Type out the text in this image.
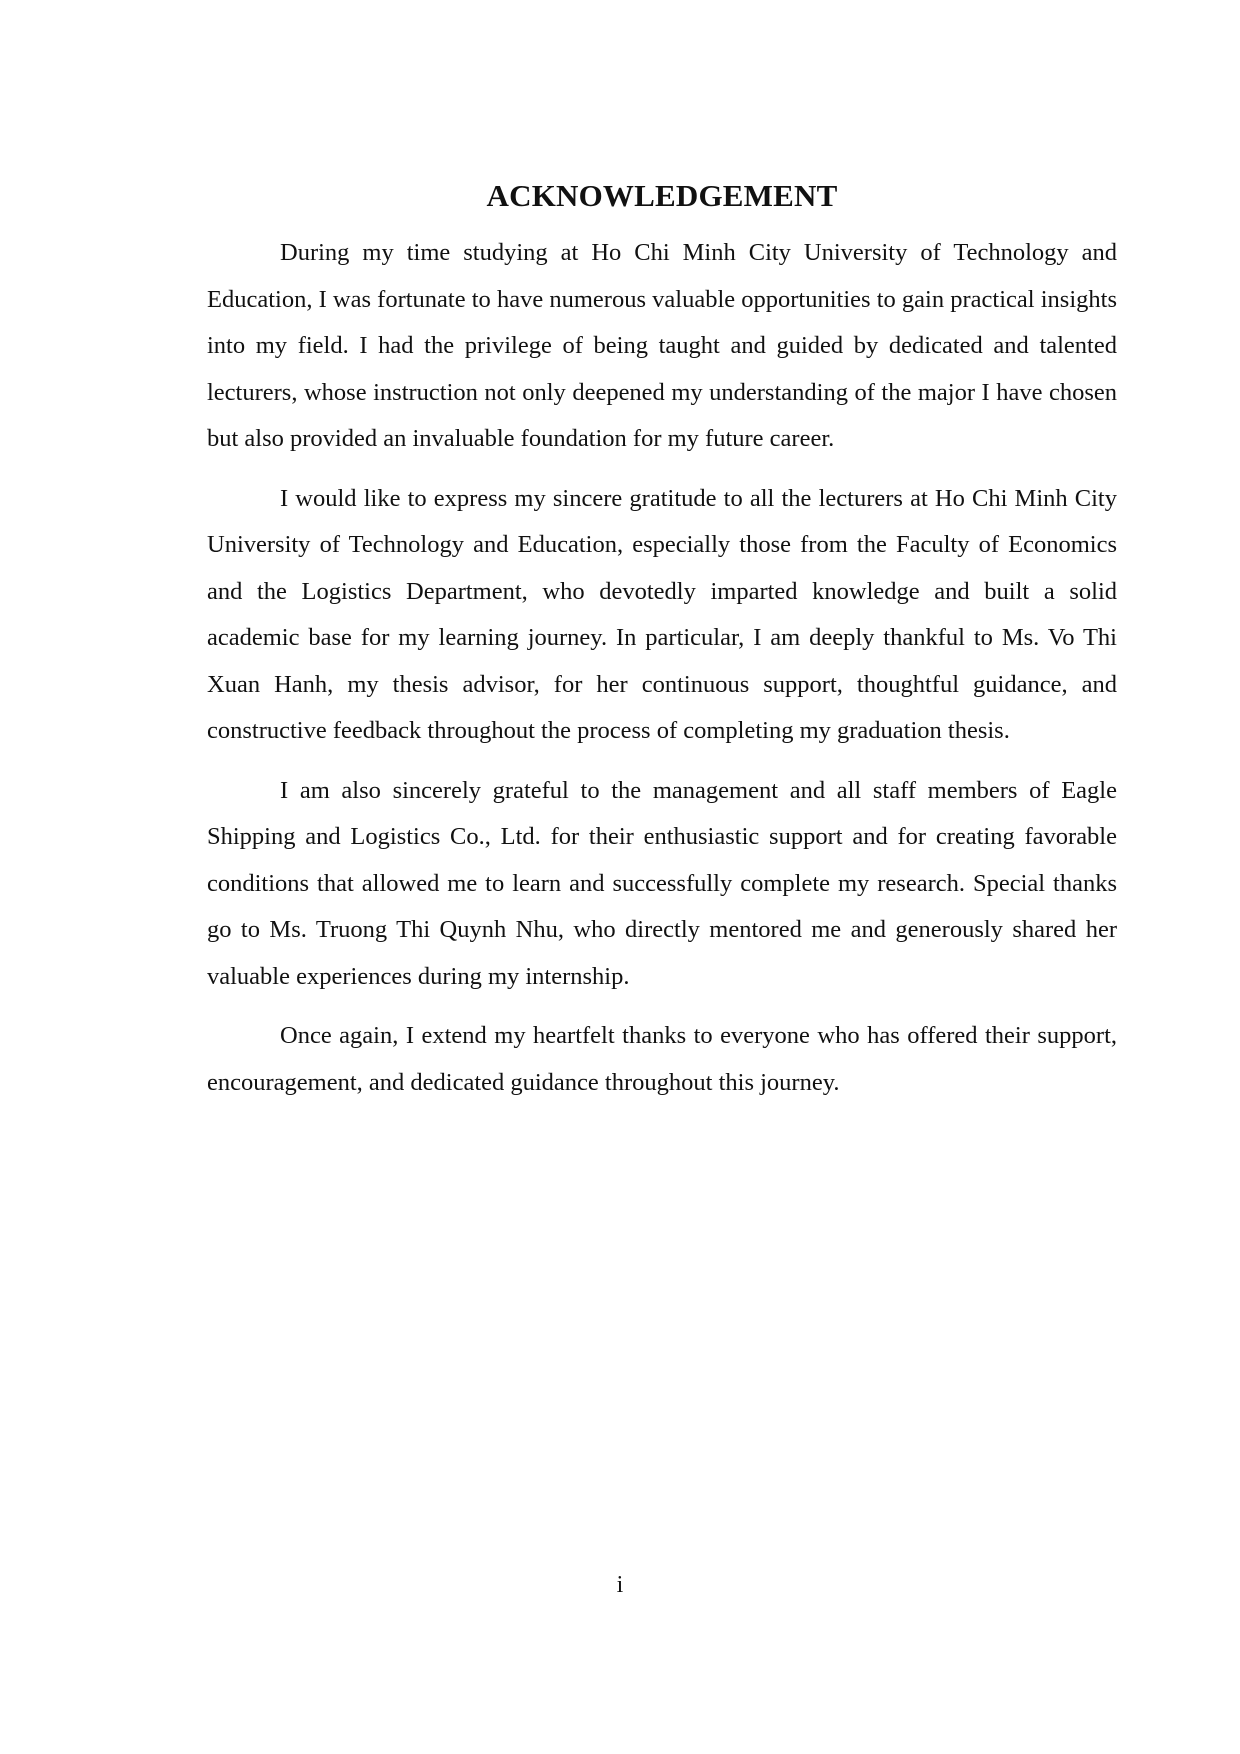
ACKNOWLEDGEMENT

During my time studying at Ho Chi Minh City University of Technology and Education, I was fortunate to have numerous valuable opportunities to gain practical insights into my field. I had the privilege of being taught and guided by dedicated and talented lecturers, whose instruction not only deepened my understanding of the major I have chosen but also provided an invaluable foundation for my future career.

I would like to express my sincere gratitude to all the lecturers at Ho Chi Minh City University of Technology and Education, especially those from the Faculty of Economics and the Logistics Department, who devotedly imparted knowledge and built a solid academic base for my learning journey. In particular, I am deeply thankful to Ms. Vo Thi Xuan Hanh, my thesis advisor, for her continuous support, thoughtful guidance, and constructive feedback throughout the process of completing my graduation thesis.

I am also sincerely grateful to the management and all staff members of Eagle Shipping and Logistics Co., Ltd. for their enthusiastic support and for creating favorable conditions that allowed me to learn and successfully complete my research. Special thanks go to Ms. Truong Thi Quynh Nhu, who directly mentored me and generously shared her valuable experiences during my internship.

Once again, I extend my heartfelt thanks to everyone who has offered their support, encouragement, and dedicated guidance throughout this journey.

i
